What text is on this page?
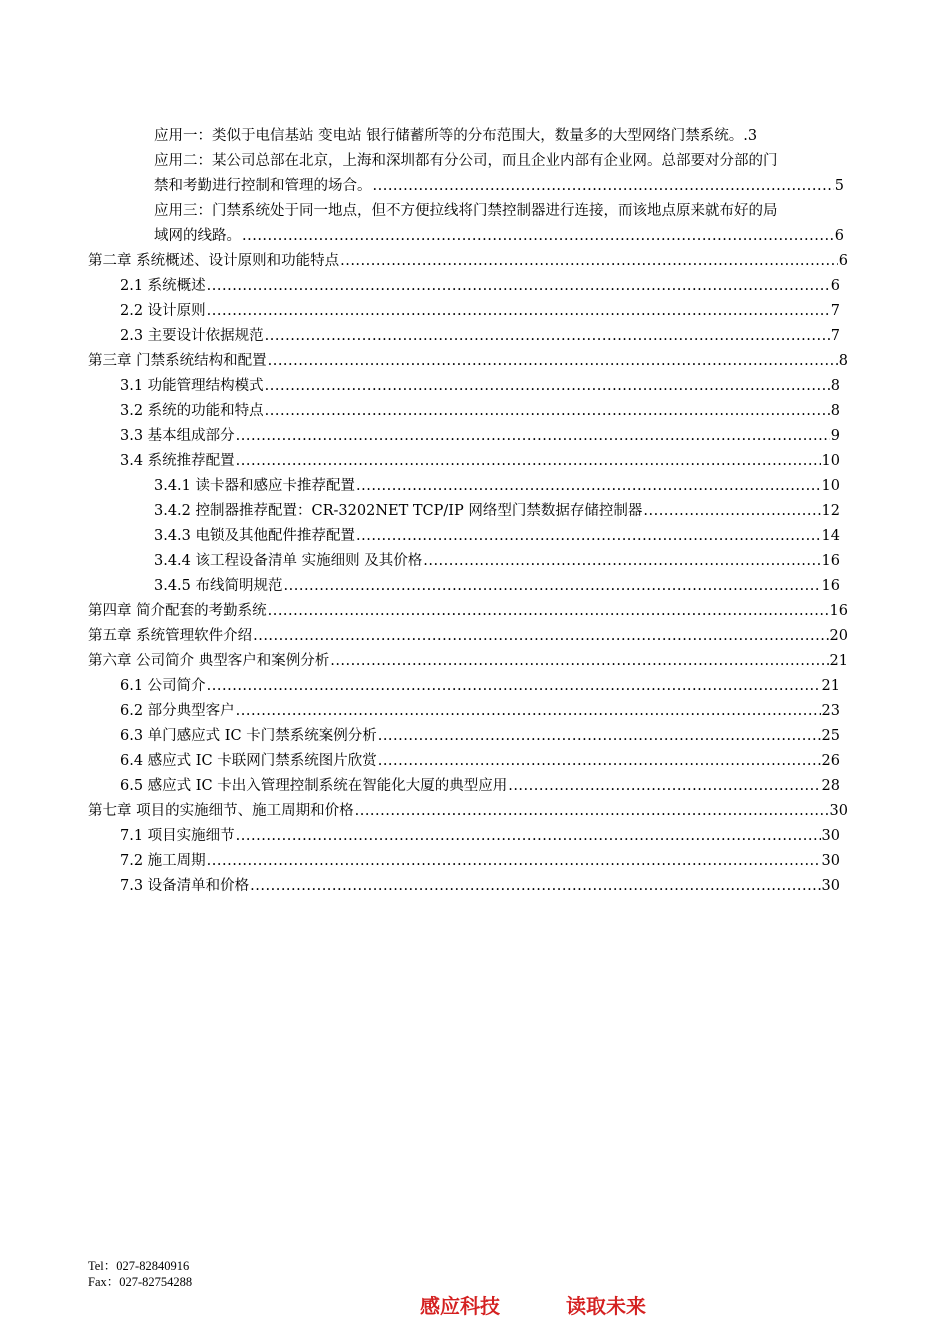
应用一：类似于电信基站 变电站 银行储蓄所等的分布范围大，数量多的大型网络门禁系统。.3
应用二：某公司总部在北京，上海和深圳都有分公司，而且企业内部有企业网。总部要对分部的门
禁和考勤进行控制和管理的场合。 .....	5
应用三：门禁系统处于同一地点，但不方便拉线将门禁控制器进行连接，而该地点原来就布好的局
域网的线路。 .....	6
第二章 系统概述、设计原则和功能特点 .....	6
2.1 系统概述 .....	6
2.2 设计原则 .....	7
2.3 主要设计依据规范 .....	7
第三章 门禁系统结构和配置 .....	8
3.1 功能管理结构模式 .....	8
3.2 系统的功能和特点 .....	8
3.3 基本组成部分 .....	9
3.4 系统推荐配置 .....	10
3.4.1 读卡器和感应卡推荐配置 .....	10
3.4.2 控制器推荐配置：CR-3202NET TCP/IP 网络型门禁数据存储控制器 .....	12
3.4.3 电锁及其他配件推荐配置 .....	14
3.4.4 该工程设备清单 实施细则 及其价格 .....	16
3.4.5 布线简明规范 .....	16
第四章 简介配套的考勤系统 .....	16
第五章 系统管理软件介绍 .....	20
第六章 公司简介 典型客户和案例分析 .....	21
6.1 公司简介 .....	21
6.2 部分典型客户 .....	23
6.3 单门感应式 IC 卡门禁系统案例分析 .....	25
6.4 感应式 IC 卡联网门禁系统图片欣赏 .....	26
6.5 感应式 IC 卡出入管理控制系统在智能化大厦的典型应用 .....	28
第七章 项目的实施细节、施工周期和价格 .....	30
7.1 项目实施细节 .....	30
7.2 施工周期 .....	30
7.3 设备清单和价格 .....	30
Tel：027-82840916
Fax：027-82754288
感应科技	读取未来
